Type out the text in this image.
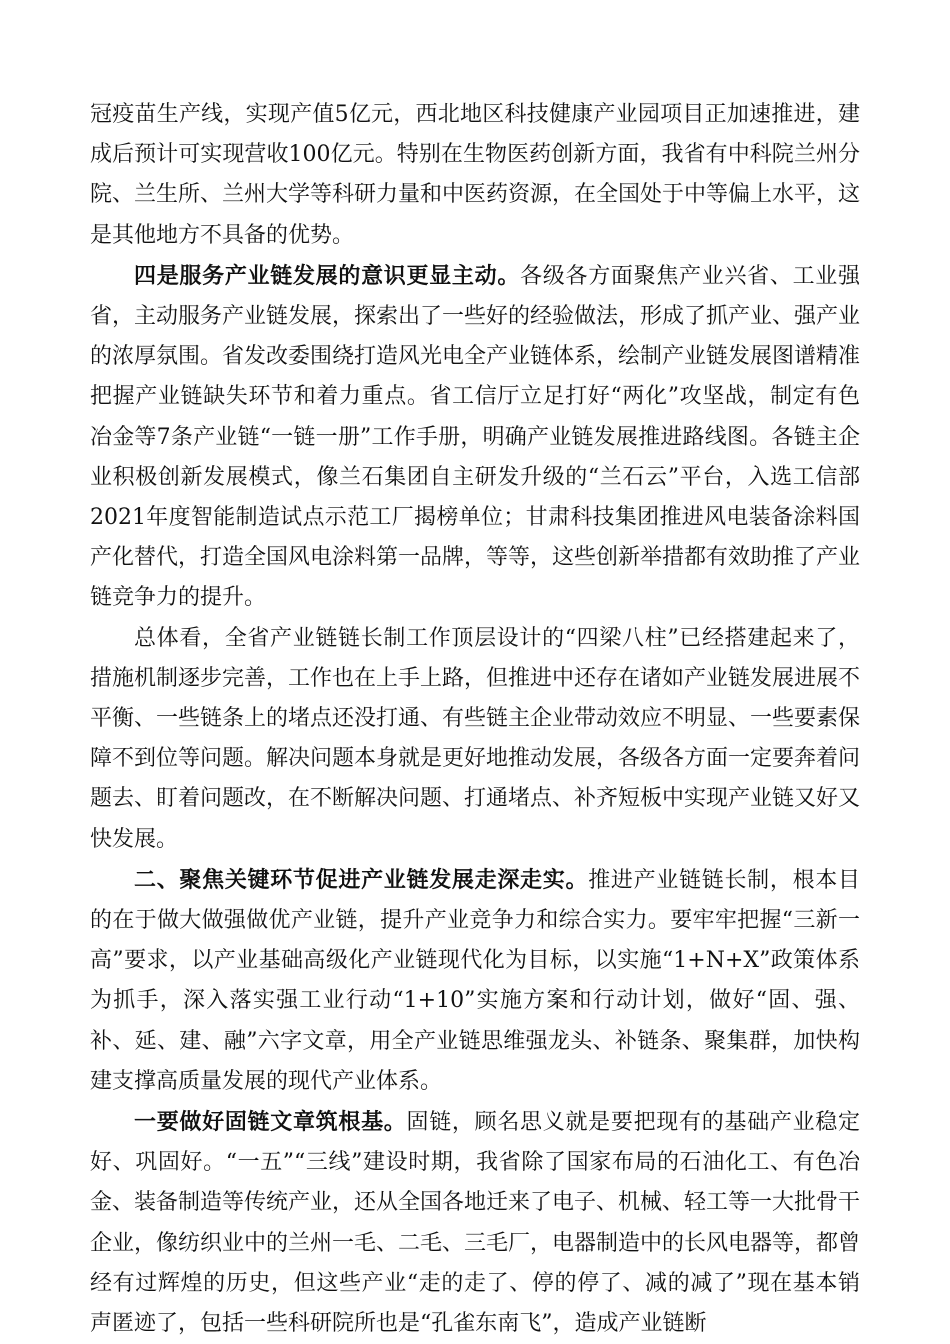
冠疫苗生产线，实现产值5亿元，西北地区科技健康产业园项目正加速推进，建成后预计可实现营收100亿元。特别在生物医药创新方面，我省有中科院兰州分院、兰生所、兰州大学等科研力量和中医药资源，在全国处于中等偏上水平，这是其他地方不具备的优势。

四是服务产业链发展的意识更显主动。各级各方面聚焦产业兴省、工业强省，主动服务产业链发展，探索出了一些好的经验做法，形成了抓产业、强产业的浓厚氛围。省发改委围绕打造风光电全产业链体系，绘制产业链发展图谱精准把握产业链缺失环节和着力重点。省工信厅立足打好“两化”攻坚战，制定有色冶金等7条产业链“一链一册”工作手册，明确产业链发展推进路线图。各链主企业积极创新发展模式，像兰石集团自主研发升级的“兰石云”平台，入选工信部2021年度智能制造试点示范工厂揭榜单位；甘肃科技集团推进风电装备涂料国产化替代，打造全国风电涂料第一品牌，等等，这些创新举措都有效助推了产业链竞争力的提升。

总体看，全省产业链链长制工作顶层设计的“四梁八柱”已经搭建起来了，措施机制逐步完善，工作也在上手上路，但推进中还存在诸如产业链发展进展不平衡、一些链条上的堵点还没打通、有些链主企业带动效应不明显、一些要素保障不到位等问题。解决问题本身就是更好地推动发展，各级各方面一定要奔着问题去、盯着问题改，在不断解决问题、打通堵点、补齐短板中实现产业链又好又快发展。

二、聚焦关键环节促进产业链发展走深走实。推进产业链链长制，根本目的在于做大做强做优产业链，提升产业竞争力和综合实力。要牢牢把握“三新一高”要求，以产业基础高级化产业链现代化为目标，以实施“1+N+X”政策体系为抓手，深入落实强工业行动“1+10”实施方案和行动计划，做好“固、强、补、延、建、融”六字文章，用全产业链思维强龙头、补链条、聚集群，加快构建支撑高质量发展的现代产业体系。

一要做好固链文章筑根基。固链，顾名思义就是要把现有的基础产业稳定好、巩固好。“一五”“三线”建设时期，我省除了国家布局的石油化工、有色冶金、装备制造等传统产业，还从全国各地迁来了电子、机械、轻工等一大批骨干企业，像纺织业中的兰州一毛、二毛、三毛厂，电器制造中的长风电器等，都曾经有过辉煌的历史，但这些产业“走的走了、停的停了、减的减了”现在基本销声匿迹了，包括一些科研院所也是“孔雀东南飞”，造成产业链断
